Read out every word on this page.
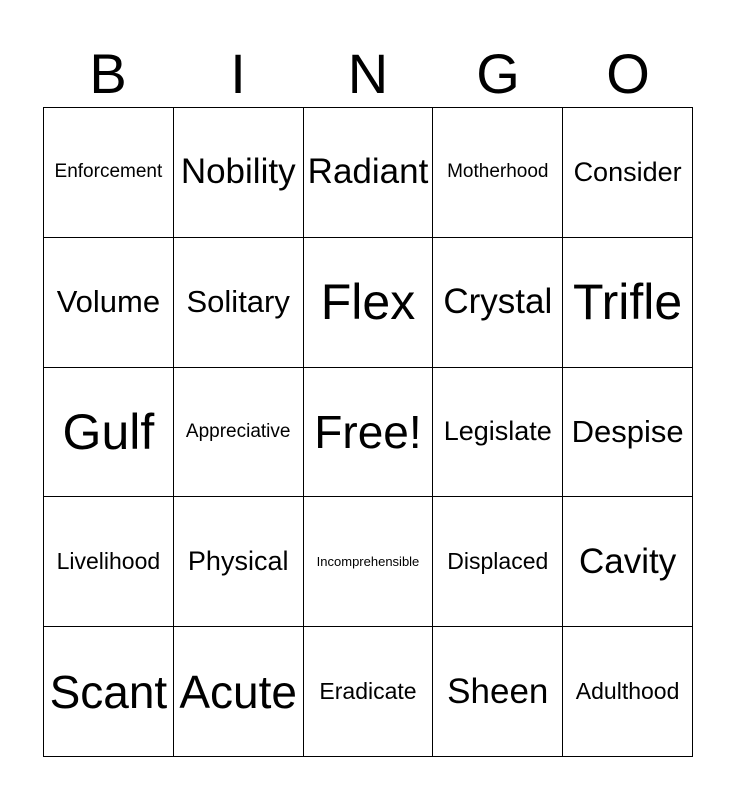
B	I	N	G	O
Enforcement Nobility Radiant Motherhood Consider
Volume Solitary Flex Crystal Trifle
Gulf	Appreciative Free! Legislate Despise
Livelihood	Physical	Incomprehensible	Displaced Cavity
Scant Acute Eradicate Sheen	Adulthood
